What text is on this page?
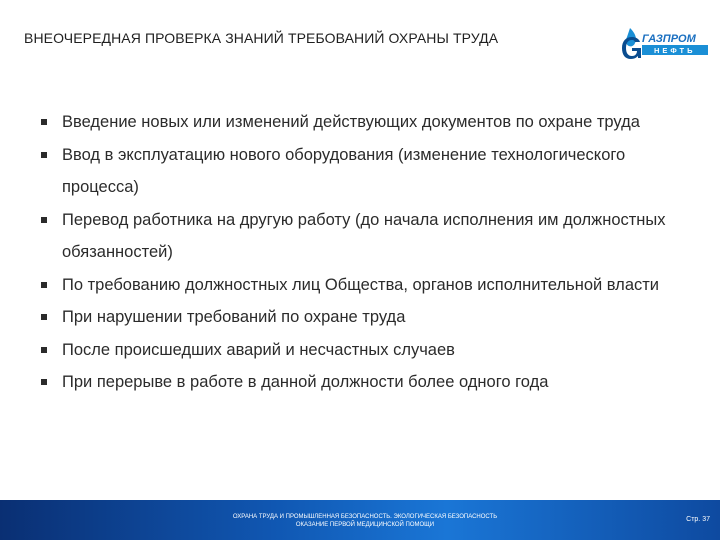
ВНЕОЧЕРЕДНАЯ ПРОВЕРКА ЗНАНИЙ ТРЕБОВАНИЙ ОХРАНЫ ТРУДА	ГАЗПРОМ
НЕФТЬ
Введение новых или изменений действующих документов по охране труда
Ввод в эксплуатацию нового оборудования (изменение технологического процесса)
Перевод работника на другую работу (до начала исполнения им должностных обязанностей)
По требованию должностных лиц Общества, органов исполнительной власти
При нарушении требований по охране труда
После происшедших аварий и несчастных случаев
При перерыве в работе в данной должности более одного года
ОХРАНА ТРУДА И ПРОМЫШЛЕННАЯ БЕЗОПАСНОСТЬ. ЭКОЛОГИЧЕСКАЯ БЕЗОПАСНОСТЬ
ОКАЗАНИЕ ПЕРВОЙ МЕДИЦИНСКОЙ ПОМОЩИ
Стр. 37
